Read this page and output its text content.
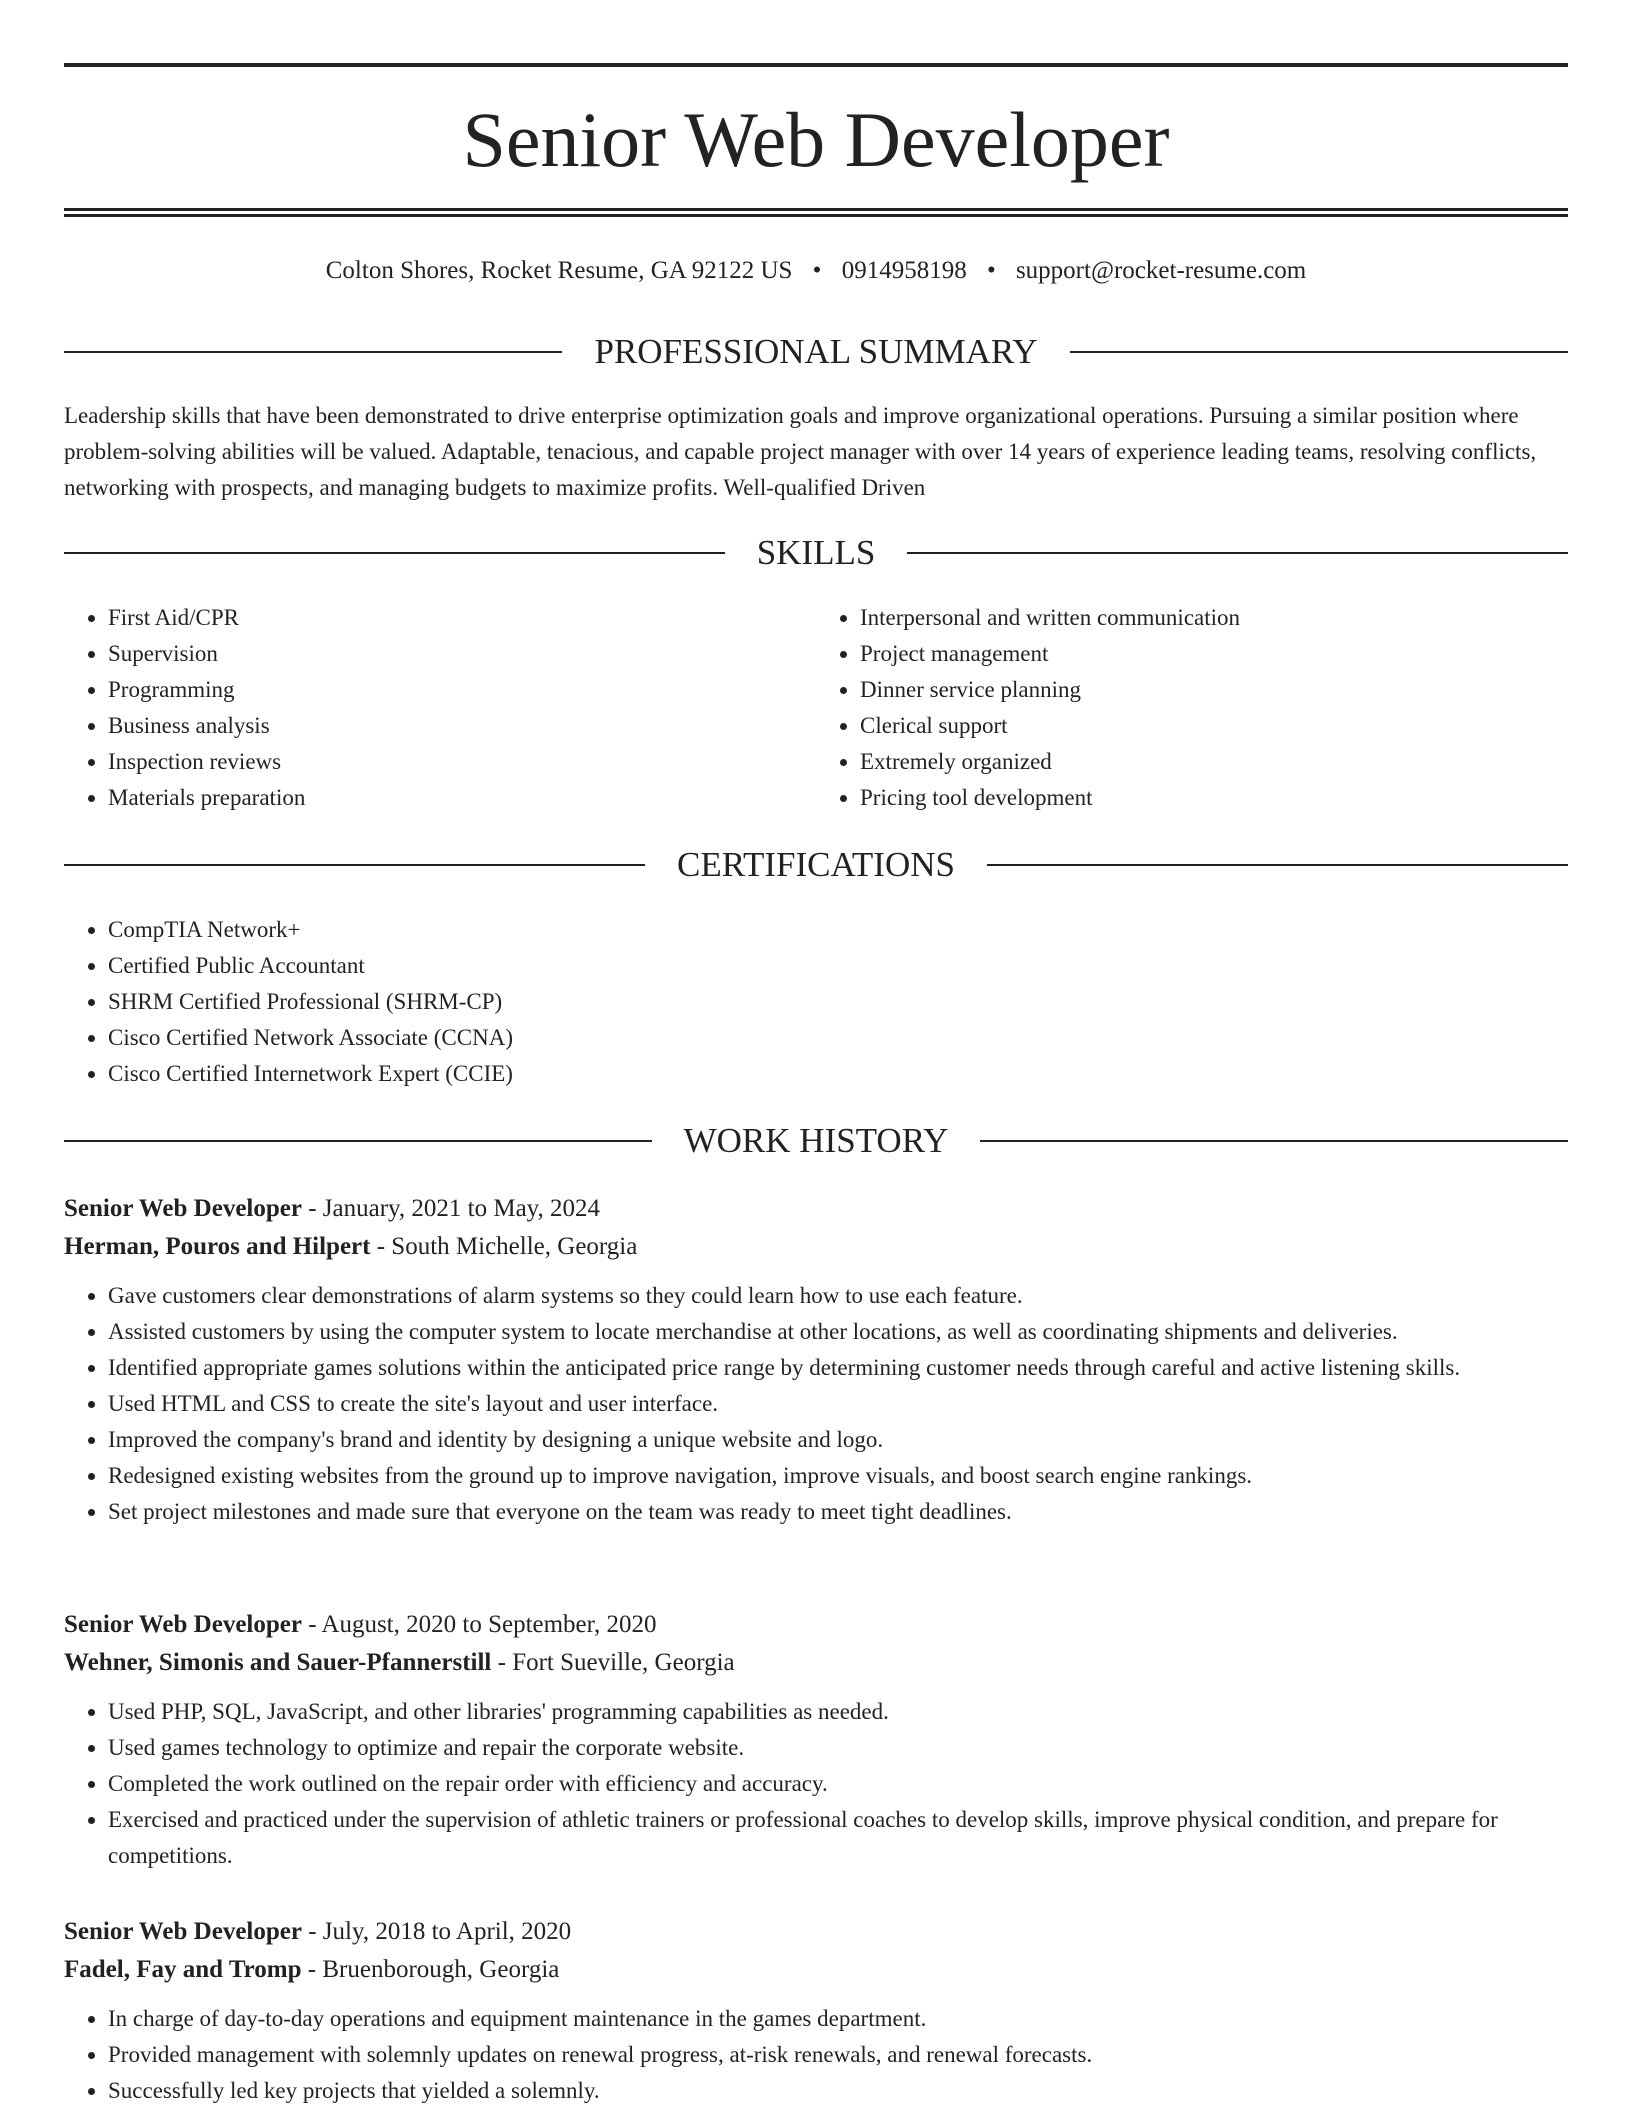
Senior Web Developer
Colton Shores, Rocket Resume, GA 92122 US • 0914958198 • support@rocket-resume.com
PROFESSIONAL SUMMARY

Leadership skills that have been demonstrated to drive enterprise optimization goals and improve organizational operations. Pursuing a similar position where problem-solving abilities will be valued. Adaptable, tenacious, and capable project manager with over 14 years of experience leading teams, resolving conflicts, networking with prospects, and managing budgets to maximize profits. Well-qualified Driven

SKILLS
• First Aid/CPR
• Supervision
• Programming
• Business analysis
• Inspection reviews
• Materials preparation
• Interpersonal and written communication
• Project management
• Dinner service planning
• Clerical support
• Extremely organized
• Pricing tool development
CERTIFICATIONS
• CompTIA Network+
• Certified Public Accountant
• SHRM Certified Professional (SHRM-CP)
• Cisco Certified Network Associate (CCNA)
• Cisco Certified Internetwork Expert (CCIE)
WORK HISTORY
Senior Web Developer - January, 2021 to May, 2024
Herman, Pouros and Hilpert - South Michelle, Georgia
• Gave customers clear demonstrations of alarm systems so they could learn how to use each feature.
• Assisted customers by using the computer system to locate merchandise at other locations, as well as coordinating shipments and deliveries.
• Identified appropriate games solutions within the anticipated price range by determining customer needs through careful and active listening skills.
• Used HTML and CSS to create the site's layout and user interface.
• Improved the company's brand and identity by designing a unique website and logo.
• Redesigned existing websites from the ground up to improve navigation, improve visuals, and boost search engine rankings.
• Set project milestones and made sure that everyone on the team was ready to meet tight deadlines.
Senior Web Developer - August, 2020 to September, 2020
Wehner, Simonis and Sauer-Pfannerstill - Fort Sueville, Georgia
• Used PHP, SQL, JavaScript, and other libraries' programming capabilities as needed.
• Used games technology to optimize and repair the corporate website.
• Completed the work outlined on the repair order with efficiency and accuracy.
• Exercised and practiced under the supervision of athletic trainers or professional coaches to develop skills, improve physical condition, and prepare for competitions.
Senior Web Developer - July, 2018 to April, 2020
Fadel, Fay and Tromp - Bruenborough, Georgia
• In charge of day-to-day operations and equipment maintenance in the games department.
• Provided management with solemnly updates on renewal progress, at-risk renewals, and renewal forecasts.
• Successfully led key projects that yielded a solemnly.
